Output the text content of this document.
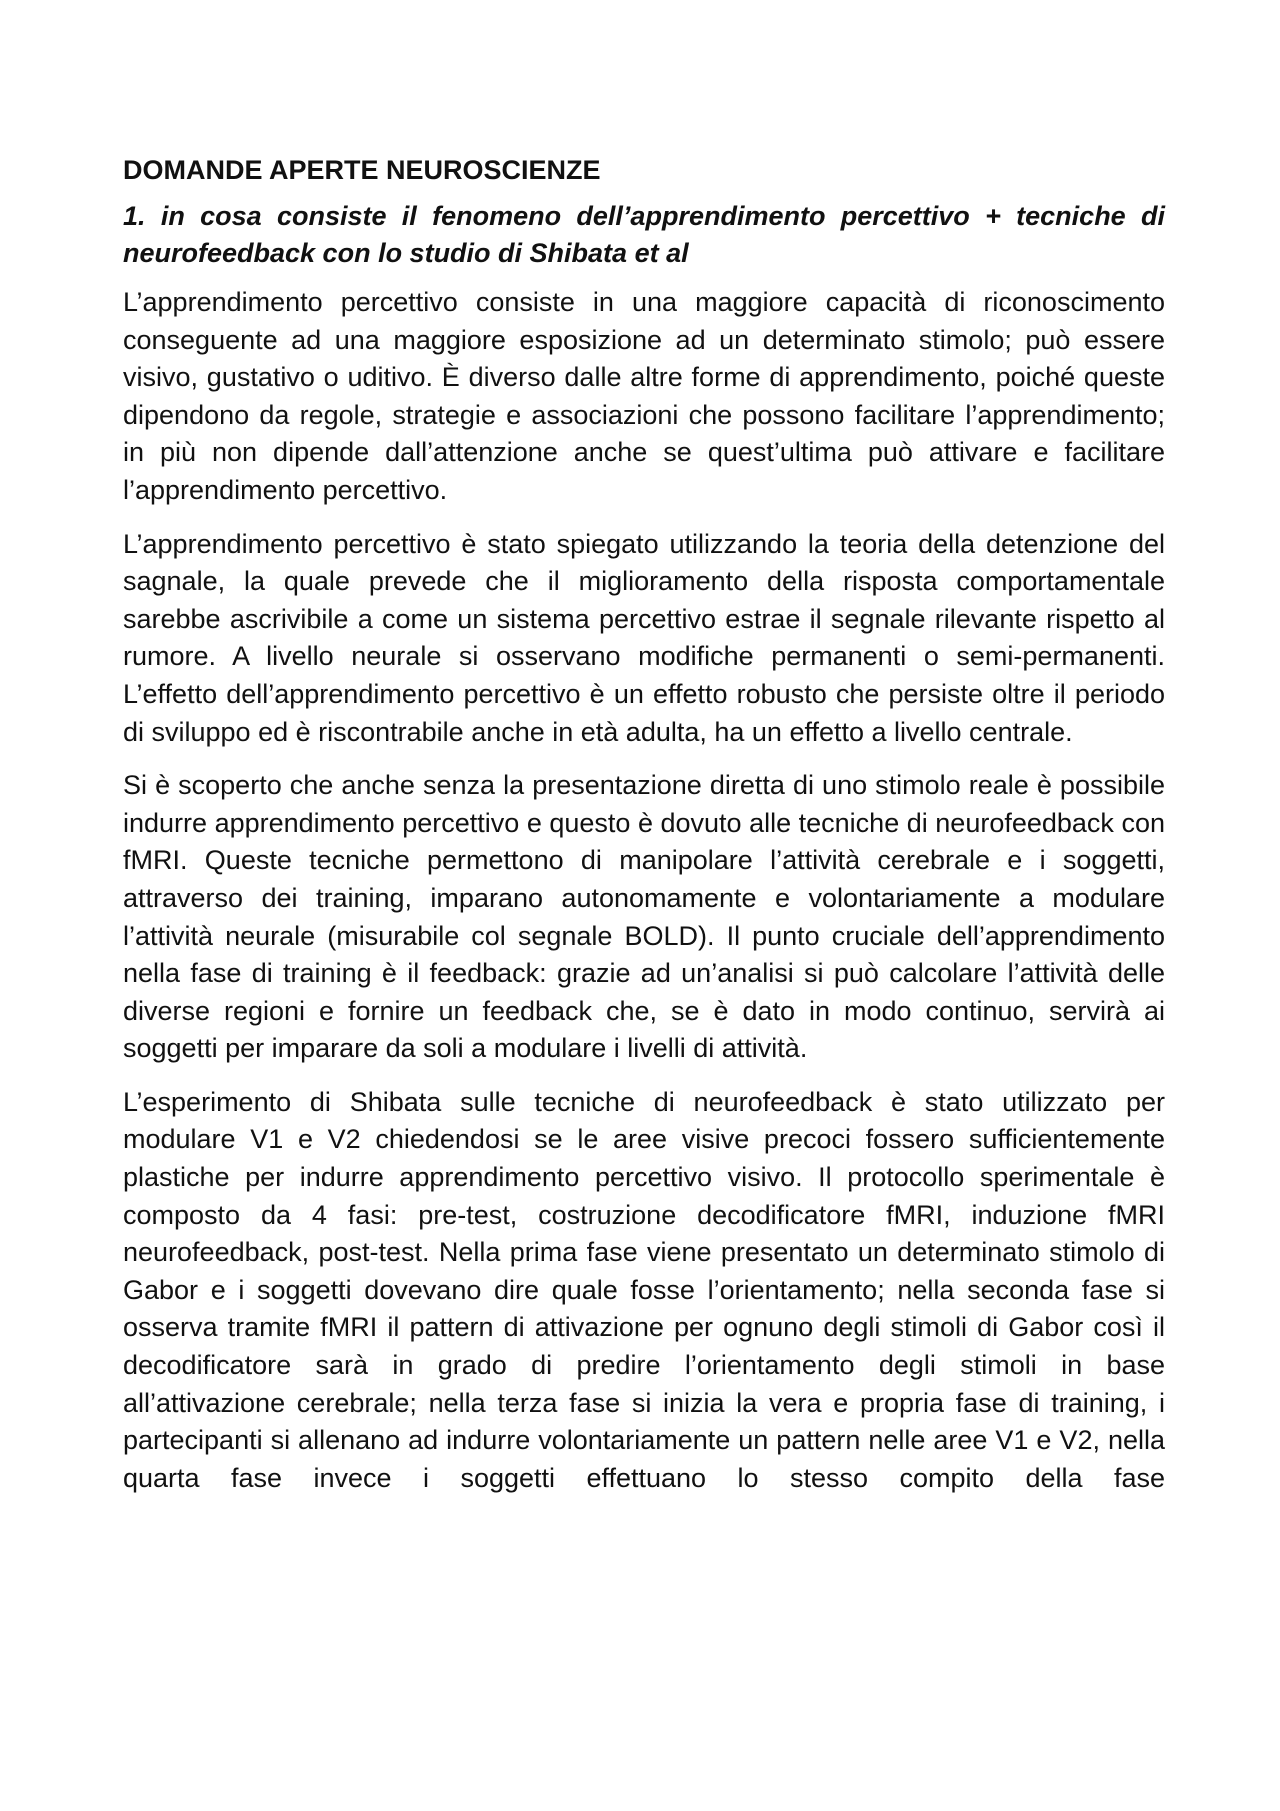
DOMANDE APERTE NEUROSCIENZE
1. in cosa consiste il fenomeno dell’apprendimento percettivo + tecniche di neurofeedback con lo studio di Shibata et al

L’apprendimento percettivo consiste in una maggiore capacità di riconoscimento conseguente ad una maggiore esposizione ad un determinato stimolo; può essere visivo, gustativo o uditivo. È diverso dalle altre forme di apprendimento, poiché queste dipendono da regole, strategie e associazioni che possono facilitare l’apprendimento; in più non dipende dall’attenzione anche se quest’ultima può attivare e facilitare l’apprendimento percettivo.

L’apprendimento percettivo è stato spiegato utilizzando la teoria della detenzione del sagnale, la quale prevede che il miglioramento della risposta comportamentale sarebbe ascrivibile a come un sistema percettivo estrae il segnale rilevante rispetto al rumore. A livello neurale si osservano modifiche permanenti o semi-permanenti. L’effetto dell’apprendimento percettivo è un effetto robusto che persiste oltre il periodo di sviluppo ed è riscontrabile anche in età adulta, ha un effetto a livello centrale.

Si è scoperto che anche senza la presentazione diretta di uno stimolo reale è possibile indurre apprendimento percettivo e questo è dovuto alle tecniche di neurofeedback con fMRI. Queste tecniche permettono di manipolare l’attività cerebrale e i soggetti, attraverso dei training, imparano autonomamente e volontariamente a modulare l’attività neurale (misurabile col segnale BOLD). Il punto cruciale dell’apprendimento nella fase di training è il feedback: grazie ad un’analisi si può calcolare l’attività delle diverse regioni e fornire un feedback che, se è dato in modo continuo, servirà ai soggetti per imparare da soli a modulare i livelli di attività.

L’esperimento di Shibata sulle tecniche di neurofeedback è stato utilizzato per modulare V1 e V2 chiedendosi se le aree visive precoci fossero sufficientemente plastiche per indurre apprendimento percettivo visivo. Il protocollo sperimentale è composto da 4 fasi: pre-test, costruzione decodificatore fMRI, induzione fMRI neurofeedback, post-test. Nella prima fase viene presentato un determinato stimolo di Gabor e i soggetti dovevano dire quale fosse l’orientamento; nella seconda fase si osserva tramite fMRI il pattern di attivazione per ognuno degli stimoli di Gabor così il decodificatore sarà in grado di predire l’orientamento degli stimoli in base all’attivazione cerebrale; nella terza fase si inizia la vera e propria fase di training, i partecipanti si allenano ad indurre volontariamente un pattern nelle aree V1 e V2, nella quarta fase invece i soggetti effettuano lo stesso compito della fase
